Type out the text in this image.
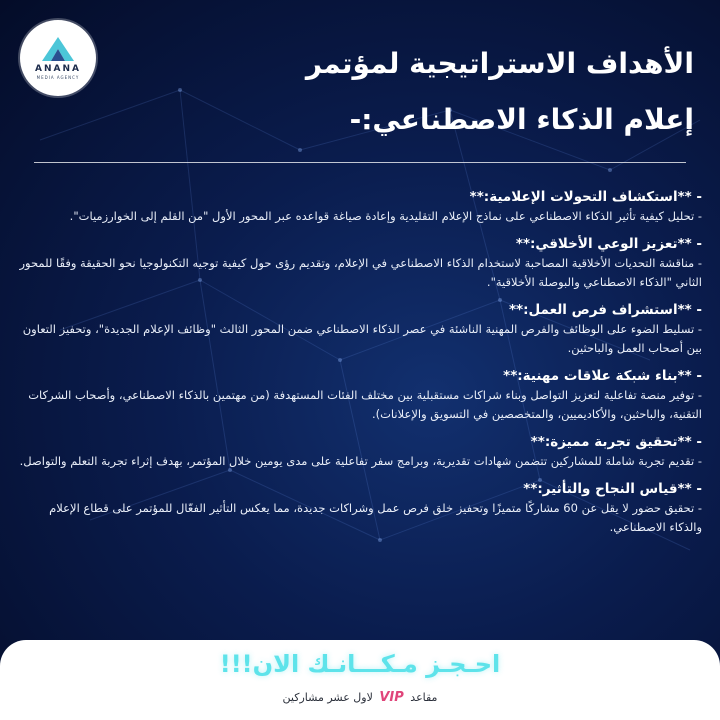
ANANA
MEDIA AGENCY	الأهداف الاستراتيجية لمؤتمر
إعلام الذكاء الاصطناعي:-
- **استكشاف التحولات الإعلامية:**
- تحليل كيفية تأثير الذكاء الاصطناعي على نماذج الإعلام التقليدية وإعادة صياغة قواعده عبر المحور الأول "من القلم إلى الخوارزميات".
- **تعزيز الوعي الأخلاقي:**
- مناقشة التحديات الأخلاقية المصاحبة لاستخدام الذكاء الاصطناعي في الإعلام، وتقديم رؤى حول كيفية توجيه التكنولوجيا نحو الحقيقة وفقًا للمحور الثاني "الذكاء الاصطناعي والبوصلة الأخلاقية".
- **استشراف فرص العمل:**
- تسليط الضوء على الوظائف والفرص المهنية الناشئة في عصر الذكاء الاصطناعي ضمن المحور الثالث "وظائف الإعلام الجديدة"، وتحفيز التعاون بين أصحاب العمل والباحثين.
- **بناء شبكة علاقات مهنية:**
- توفير منصة تفاعلية لتعزيز التواصل وبناء شراكات مستقبلية بين مختلف الفئات المستهدفة (من مهتمين بالذكاء الاصطناعي، وأصحاب الشركات التقنية، والباحثين، والأكاديميين، والمتخصصين في التسويق والإعلانات).
- **تحقيق تجربة مميزة:**
- تقديم تجربة شاملة للمشاركين تتضمن شهادات تقديرية، وبرامج سفر تفاعلية على مدى يومين خلال المؤتمر، بهدف إثراء تجربة التعلم والتواصل.
- **قياس النجاح والتأثير:**
- تحقيق حضور لا يقل عن 60 مشاركًا متميزًا وتحفيز خلق فرص عمل وشراكات جديدة، مما يعكس التأثير الفعّال للمؤتمر على قطاع الإعلام والذكاء الاصطناعي.
احـجـز مـكـــانـك الان!!!
مقاعد VIP لاول عشر مشاركين
